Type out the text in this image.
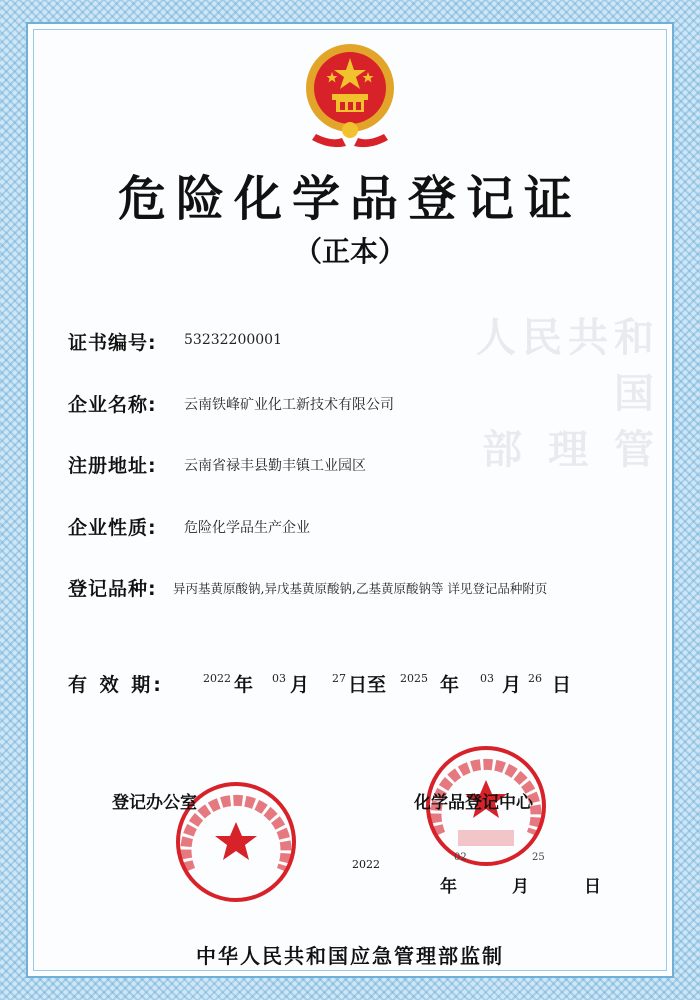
人民共和国
部 理 管
危险化学品登记证
（正本）
证书编号: 53232200001
企业名称: 云南铁峰矿业化工新技术有限公司
注册地址: 云南省禄丰县勤丰镇工业园区
企业性质: 危险化学品生产企业
登记品种: 异丙基黄原酸钠,异戊基黄原酸钠,乙基黄原酸钠等 详见登记品种附页
有 效 期:	2022 年 03 月 27 日至 2025 年 03 月 26 日
登记办公室	化学品登记中心
2022
02	25
年	月	日
中华人民共和国应急管理部监制
